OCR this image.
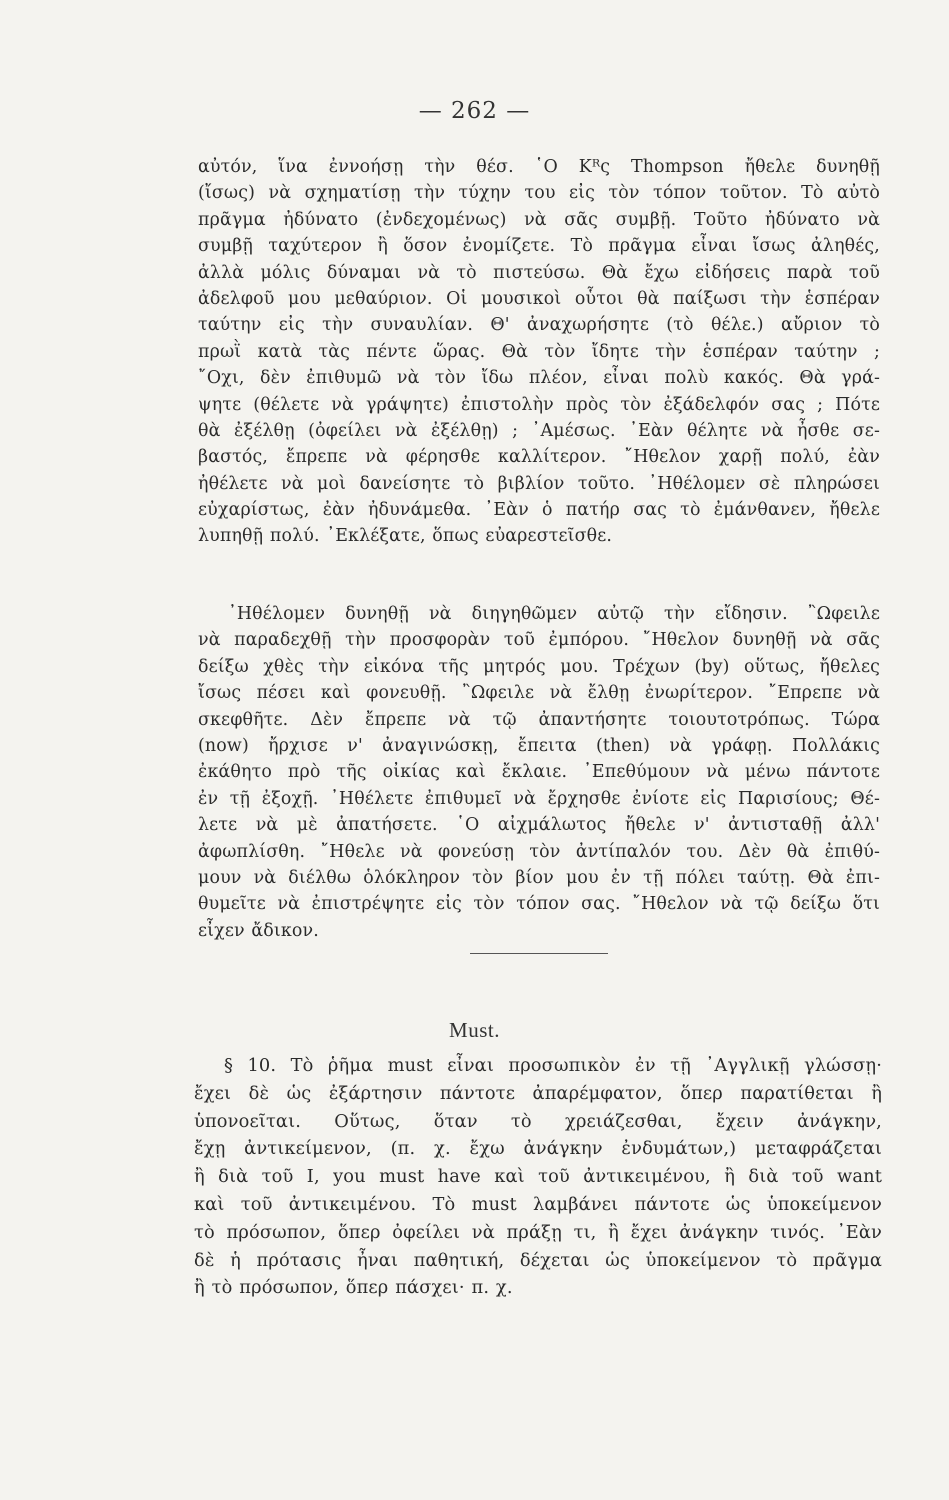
— 262 —
αὐτόν, ἵνα ἐννοήσῃ τὴν θέσ. ῾Ο Κᴿς Thompson ἤθελε δυνηθῇ
(ἴσως) νὰ σχηματίσῃ τὴν τύχην του εἰς τὸν τόπον τοῦτον. Τὸ αὐτὸ
πρᾶγμα ἠδύνατο (ἐνδεχομένως) νὰ σᾶς συμβῇ. Τοῦτο ἠδύνατο νὰ
συμβῇ ταχύτερον ἢ ὅσον ἐνομίζετε. Τὸ πρᾶγμα εἶναι ἴσως ἀληθές,
ἀλλὰ μόλις δύναμαι νὰ τὸ πιστεύσω. Θὰ ἔχω εἰδήσεις παρὰ τοῦ
ἀδελφοῦ μου μεθαύριον. Οἱ μουσικοὶ οὗτοι θὰ παίξωσι τὴν ἑσπέραν
ταύτην εἰς τὴν συναυλίαν. Θ' ἀναχωρήσητε (τὸ θέλε.) αὔριον τὸ
πρωῒ κατὰ τὰς πέντε ὥρας. Θὰ τὸν ἴδητε τὴν ἑσπέραν ταύτην ;
῎Οχι, δὲν ἐπιθυμῶ νὰ τὸν ἴδω πλέον, εἶναι πολὺ κακός. Θὰ γρά-
ψητε (θέλετε νὰ γράψητε) ἐπιστολὴν πρὸς τὸν ἐξάδελφόν σας ; Πότε
θὰ ἐξέλθῃ (ὀφείλει νὰ ἐξέλθῃ) ; ᾽Αμέσως. ᾽Εὰν θέλητε νὰ ἦσθε σε-
βαστός, ἔπρεπε νὰ φέρησθε καλλίτερον. ῎Ηθελον χαρῇ πολύ, ἐὰν
ἠθέλετε νὰ μοὶ δανείσητε τὸ βιβλίον τοῦτο. ᾽Ηθέλομεν σὲ πληρώσει
εὐχαρίστως, ἐὰν ἠδυνάμεθα. ᾽Εὰν ὁ πατήρ σας τὸ ἐμάνθανεν, ἤθελε
λυπηθῇ πολύ. ᾽Εκλέξατε, ὅπως εὐαρεστεῖσθε.
᾽Ηθέλομεν δυνηθῇ νὰ διηγηθῶμεν αὐτῷ τὴν εἴδησιν. ῍Ωφειλε
νὰ παραδεχθῇ τὴν προσφορὰν τοῦ ἐμπόρου. ῎Ηθελον δυνηθῇ νὰ σᾶς
δείξω χθὲς τὴν εἰκόνα τῆς μητρός μου. Τρέχων (by) οὕτως, ἤθελες
ἴσως πέσει καὶ φονευθῇ. ῍Ωφειλε νὰ ἔλθῃ ἐνωρίτερον. ῎Επρεπε νὰ
σκεφθῆτε. Δὲν ἔπρεπε νὰ τῷ ἀπαντήσητε τοιουτοτρόπως. Τώρα
(now) ἤρχισε ν' ἀναγινώσκῃ, ἔπειτα (then) νὰ γράφῃ. Πολλάκις
ἐκάθητο πρὸ τῆς οἰκίας καὶ ἔκλαιε. ᾽Επεθύμουν νὰ μένω πάντοτε
ἐν τῇ ἐξοχῇ. ᾽Ηθέλετε ἐπιθυμεῖ νὰ ἔρχησθε ἐνίοτε εἰς Παρισίους; Θέ-
λετε νὰ μὲ ἀπατήσετε. ῾Ο αἰχμάλωτος ἤθελε ν' ἀντισταθῇ ἀλλ'
ἀφωπλίσθη. ῎Ηθελε νὰ φονεύσῃ τὸν ἀντίπαλόν του. Δὲν θὰ ἐπιθύ-
μουν νὰ διέλθω ὁλόκληρον τὸν βίον μου ἐν τῇ πόλει ταύτῃ. Θὰ ἐπι-
θυμεῖτε νὰ ἐπιστρέψητε εἰς τὸν τόπον σας. ῎Ηθελον νὰ τῷ δείξω ὅτι
εἶχεν ἄδικον.
Must.
§ 10. Τὸ ῥῆμα must εἶναι προσωπικὸν ἐν τῇ ᾽Αγγλικῇ γλώσσῃ·
ἔχει δὲ ὡς ἐξάρτησιν πάντοτε ἀπαρέμφατον, ὅπερ παρατίθεται ἢ
ὑπονοεῖται. Οὕτως, ὅταν τὸ χρειάζεσθαι, ἔχειν ἀνάγκην,
ἔχῃ ἀντικείμενον, (π. χ. ἔχω ἀνάγκην ἐνδυμάτων,) μεταφράζεται
ἢ διὰ τοῦ I, you must have καὶ τοῦ ἀντικειμένου, ἢ διὰ τοῦ want
καὶ τοῦ ἀντικειμένου. Τὸ must λαμβάνει πάντοτε ὡς ὑποκείμενον
τὸ πρόσωπον, ὅπερ ὀφείλει νὰ πράξῃ τι, ἢ ἔχει ἀνάγκην τινός. ᾽Εὰν
δὲ ἡ πρότασις ἦναι παθητική, δέχεται ὡς ὑποκείμενον τὸ πρᾶγμα
ἢ τὸ πρόσωπον, ὅπερ πάσχει· π. χ.
